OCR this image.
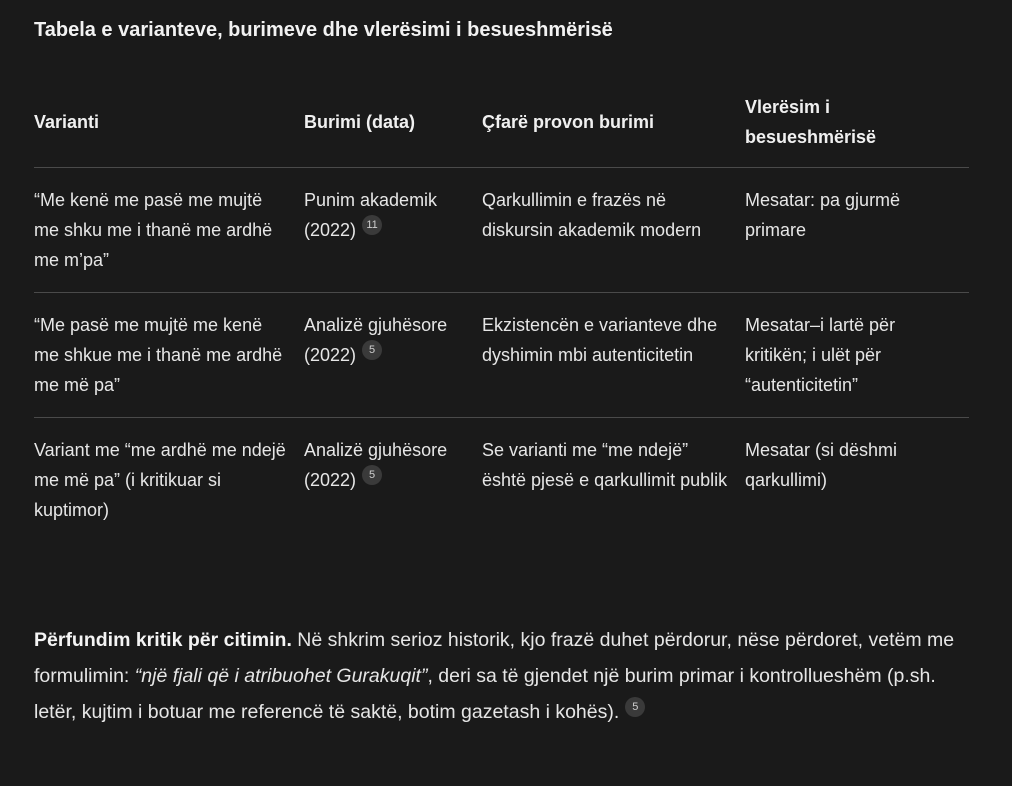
Tabela e varianteve, burimeve dhe vlerësimi i besueshmërisë
Varianti	Burimi (data)	Çfarë provon burimi
Vlerësim i besueshmërisë
“Me kenë me pasë me mujtë me shku me i thanë me ardhë me m’pa”
Punim akademik (2022) 11
Qarkullimin e frazës në diskursin akademik modern
Mesatar: pa gjurmë primare
“Me pasë me mujtë me kenë me shkue me i thanë me ardhë me më pa”
Analizë gjuhësore (2022) 5
Ekzistencën e varianteve dhe dyshimin mbi autenticitetin
Mesatar–i lartë për kritikën; i ulët për “autenticitetin”
Variant me “me ardhë me ndejë me më pa” (i kritikuar si kuptimor)
Analizë gjuhësore (2022) 5
Se varianti me “me ndejë” është pjesë e qarkullimit publik
Mesatar (si dëshmi qarkullimi)
Përfundim kritik për citimin. Në shkrim serioz historik, kjo frazë duhet përdorur, nëse përdoret, vetëm me formulimin: “një fjali që i atribuohet Gurakuqit”, deri sa të gjendet një burim primar i kontrollueshëm (p.sh. letër, kujtim i botuar me referencë të saktë, botim gazetash i kohës). 5
